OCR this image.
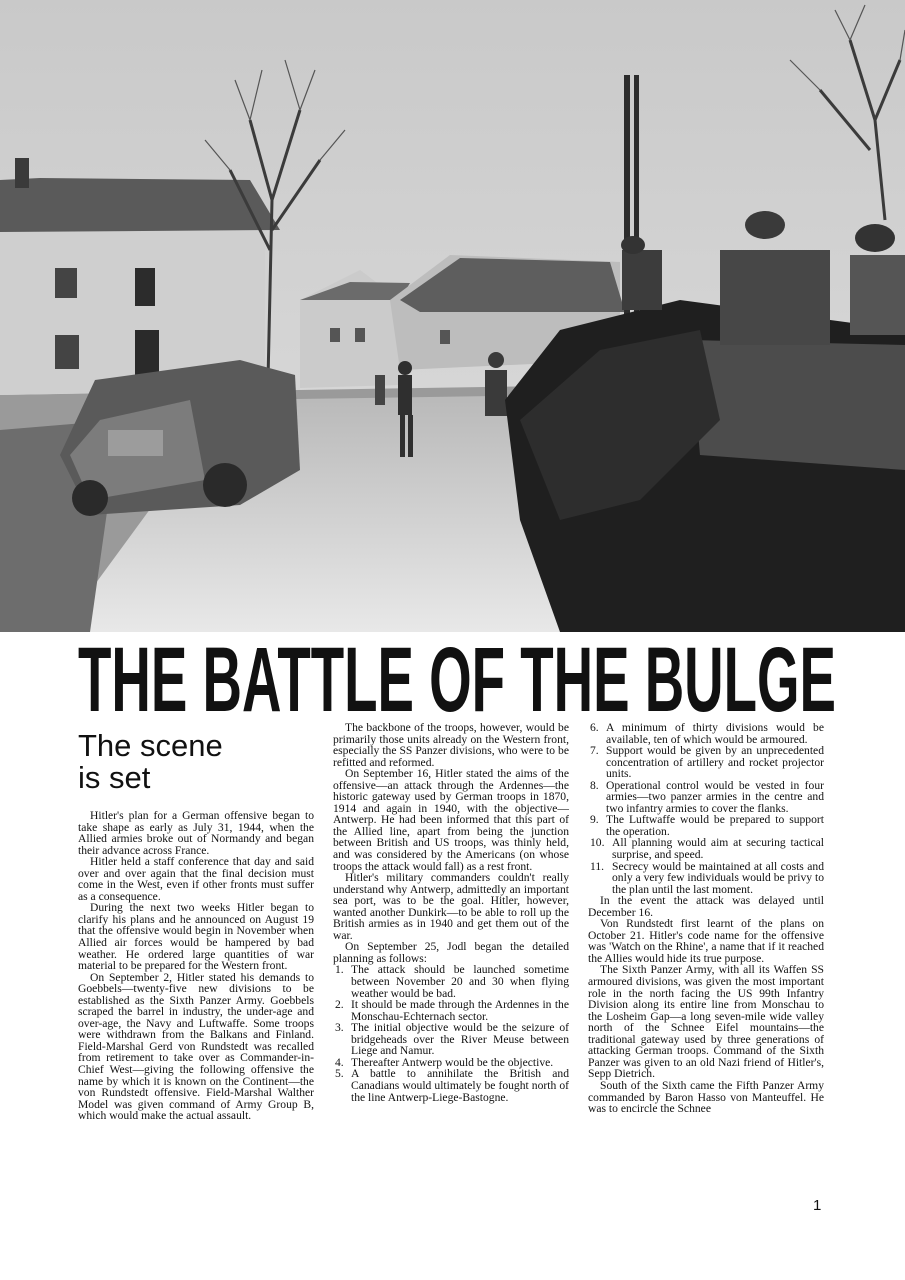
THE BATTLE OF THE BULGE
The scene
is set

Hitler's plan for a German offensive began to take shape as early as July 31, 1944, when the Allied armies broke out of Normandy and began their advance across France.

Hitler held a staff conference that day and said over and over again that the final decision must come in the West, even if other fronts must suffer as a consequence.

During the next two weeks Hitler began to clarify his plans and he announced on August 19 that the offensive would begin in November when Allied air forces would be hampered by bad weather. He ordered large quantities of war material to be prepared for the Western front.

On September 2, Hitler stated his demands to Goebbels—twenty-five new divisions to be established as the Sixth Panzer Army. Goebbels scraped the barrel in industry, the under-age and over-age, the Navy and Luftwaffe. Some troops were withdrawn from the Balkans and Finland. Field-Marshal Gerd von Rundstedt was recalled from retirement to take over as Commander-in-Chief West—giving the following offensive the name by which it is known on the Continent—the von Rundstedt offensive. Field-Marshal Walther Model was given command of Army Group B, which would make the actual assault.

The backbone of the troops, however, would be primarily those units already on the Western front, especially the SS Panzer divisions, who were to be refitted and reformed.

On September 16, Hitler stated the aims of the offensive—an attack through the Ardennes—the historic gateway used by German troops in 1870, 1914 and again in 1940, with the objective—Antwerp. He had been informed that this part of the Allied line, apart from being the junction between British and US troops, was thinly held, and was considered by the Americans (on whose troops the attack would fall) as a rest front.

Hitler's military commanders couldn't really understand why Antwerp, admittedly an important sea port, was to be the goal. Hitler, however, wanted another Dunkirk—to be able to roll up the British armies as in 1940 and get them out of the war.

On September 25, Jodl began the detailed planning as follows:

1. The attack should be launched sometime between November 20 and 30 when flying weather would be bad.
2. It should be made through the Ardennes in the Monschau-Echternach sector.
3. The initial objective would be the seizure of bridgeheads over the River Meuse between Liege and Namur.
4. Thereafter Antwerp would be the objective.
5. A battle to annihilate the British and Canadians would ultimately be fought north of the line Antwerp-Liege-Bastogne.
6. A minimum of thirty divisions would be available, ten of which would be armoured.
7. Support would be given by an unprecedented concentration of artillery and rocket projector units.
8. Operational control would be vested in four armies—two panzer armies in the centre and two infantry armies to cover the flanks.
9. The Luftwaffe would be prepared to support the operation.
10. All planning would aim at securing tactical surprise, and speed.
11. Secrecy would be maintained at all costs and only a very few individuals would be privy to the plan until the last moment.

In the event the attack was delayed until December 16.

Von Rundstedt first learnt of the plans on October 21. Hitler's code name for the offensive was 'Watch on the Rhine', a name that if it reached the Allies would hide its true purpose.

The Sixth Panzer Army, with all its Waffen SS armoured divisions, was given the most important role in the north facing the US 99th Infantry Division along its entire line from Monschau to the Losheim Gap—a long seven-mile wide valley north of the Schnee Eifel mountains—the traditional gateway used by three generations of attacking German troops. Command of the Sixth Panzer was given to an old Nazi friend of Hitler's, Sepp Dietrich.

South of the Sixth came the Fifth Panzer Army commanded by Baron Hasso von Manteuffel. He was to encircle the Schnee

1
